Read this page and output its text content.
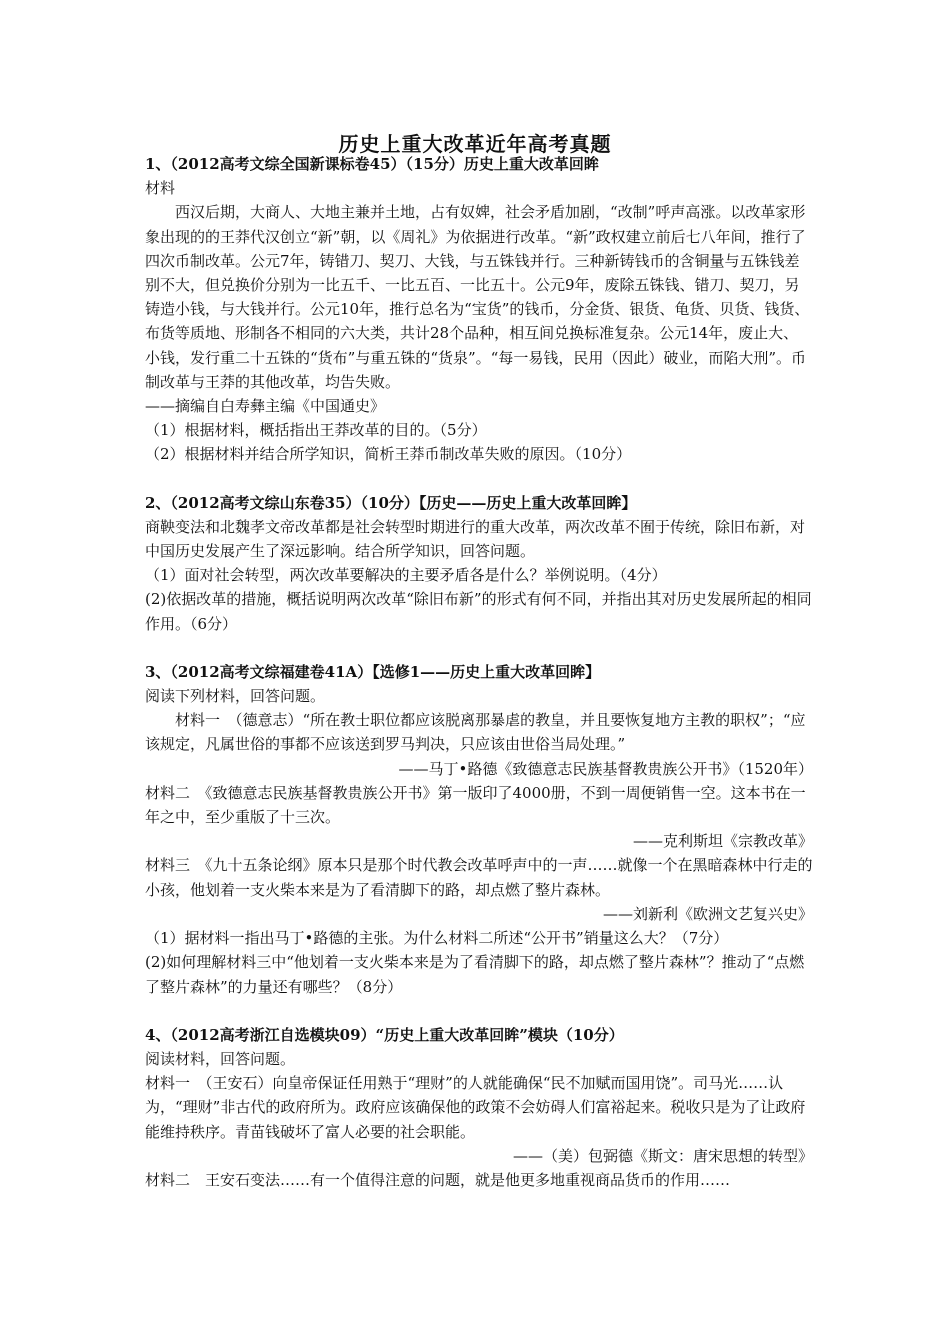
历史上重大改革近年高考真题

1、（2012高考文综全国新课标卷45）（15分）历史上重大改革回眸

材料

西汉后期，大商人、大地主兼并土地，占有奴婢，社会矛盾加剧，“改制”呼声高涨。以改革家形象出现的的王莽代汉创立“新”朝，以《周礼》为依据进行改革。“新”政权建立前后七八年间，推行了四次币制改革。公元7年，铸错刀、契刀、大钱，与五铢钱并行。三种新铸钱币的含铜量与五铢钱差别不大，但兑换价分别为一比五千、一比五百、一比五十。公元9年，废除五铢钱、错刀、契刀，另铸造小钱，与大钱并行。公元10年，推行总名为“宝货”的钱币，分金货、银货、龟货、贝货、钱货、布货等质地、形制各不相同的六大类，共计28个品种，相互间兑换标准复杂。公元14年，废止大、小钱，发行重二十五铢的“货布”与重五铢的“货泉”。“每一易钱，民用（因此）破业，而陷大刑”。币制改革与王莽的其他改革，均告失败。

——摘编自白寿彝主编《中国通史》

（1）根据材料，概括指出王莽改革的目的。（5分）

（2）根据材料并结合所学知识，简析王莽币制改革失败的原因。（10分）

2、（2012高考文综山东卷35）（10分）【历史——历史上重大改革回眸】

商鞅变法和北魏孝文帝改革都是社会转型时期进行的重大改革，两次改革不囿于传统，除旧布新，对中国历史发展产生了深远影响。结合所学知识，回答问题。

（1）面对社会转型，两次改革要解决的主要矛盾各是什么？举例说明。（4分）

(2)依据改革的措施，概括说明两次改革“除旧布新”的形式有何不同，并指出其对历史发展所起的相同作用。（6分）

3、（2012高考文综福建卷41A）【选修1——历史上重大改革回眸】

阅读下列材料，回答问题。

材料一　（德意志）“所在教士职位都应该脱离那暴虐的教皇，并且要恢复地方主教的职权”；“应该规定，凡属世俗的事都不应该送到罗马判决，只应该由世俗当局处理。”

——马丁•路德《致德意志民族基督教贵族公开书》（1520年）

材料二　《致德意志民族基督教贵族公开书》第一版印了4000册，不到一周便销售一空。这本书在一年之中，至少重版了十三次。

——克利斯坦《宗教改革》

材料三　《九十五条论纲》原本只是那个时代教会改革呼声中的一声……就像一个在黑暗森林中行走的小孩，他划着一支火柴本来是为了看清脚下的路，却点燃了整片森林。

——刘新利《欧洲文艺复兴史》

（1）据材料一指出马丁•路德的主张。为什么材料二所述“公开书”销量这么大？（7分）

(2)如何理解材料三中“他划着一支火柴本来是为了看清脚下的路，却点燃了整片森林”？推动了“点燃了整片森林”的力量还有哪些？（8分）

4、（2012高考浙江自选模块09）“历史上重大改革回眸”模块（10分）

阅读材料，回答问题。

材料一　（王安石）向皇帝保证任用熟于“理财”的人就能确保“民不加赋而国用饶”。司马光……认为，“理财”非古代的政府所为。政府应该确保他的政策不会妨碍人们富裕起来。税收只是为了让政府能维持秩序。青苗钱破坏了富人必要的社会职能。

——（美）包弼德《斯文：唐宋思想的转型》

材料二　王安石变法……有一个值得注意的问题，就是他更多地重视商品货币的作用……
